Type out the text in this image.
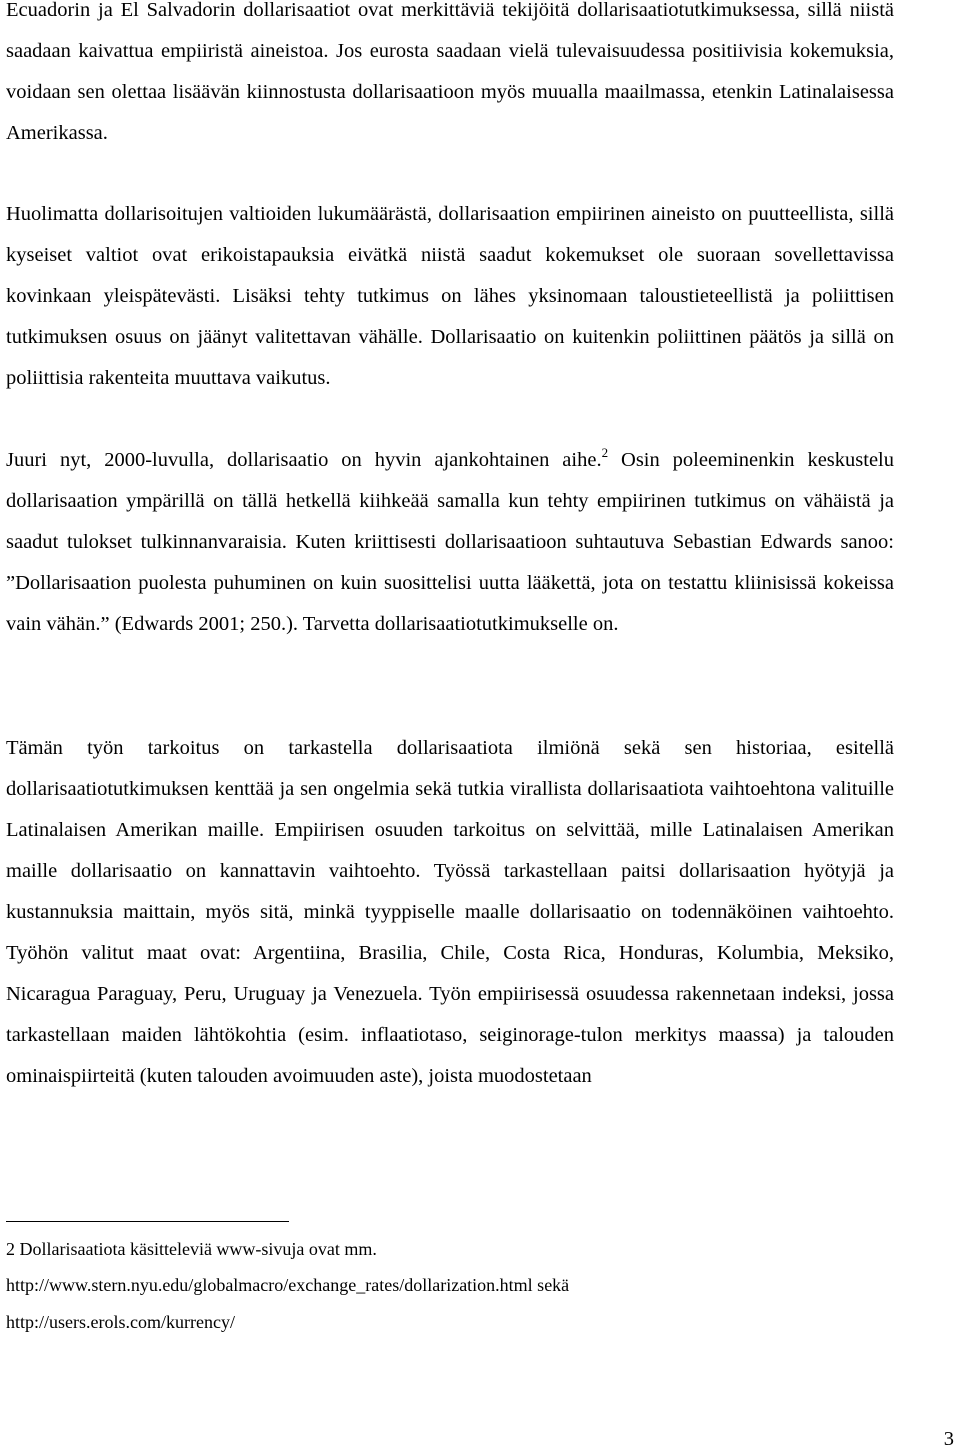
Ecuadorin ja El Salvadorin dollarisaatiot ovat merkittäviä tekijöitä dollarisaatiotutkimuksessa, sillä niistä saadaan kaivattua empiiristä aineistoa. Jos eurosta saadaan vielä tulevaisuudessa positiivisia kokemuksia, voidaan sen olettaa lisäävän kiinnostusta dollarisaatioon myös muualla maailmassa, etenkin Latinalaisessa Amerikassa.

Huolimatta dollarisoitujen valtioiden lukumäärästä, dollarisaation empiirinen aineisto on puutteellista, sillä kyseiset valtiot ovat erikoistapauksia eivätkä niistä saadut kokemukset ole suoraan sovellettavissa kovinkaan yleispätevästi. Lisäksi tehty tutkimus on lähes yksinomaan taloustieteellistä ja poliittisen tutkimuksen osuus on jäänyt valitettavan vähälle. Dollarisaatio on kuitenkin poliittinen päätös ja sillä on poliittisia rakenteita muuttava vaikutus.

Juuri nyt, 2000-luvulla, dollarisaatio on hyvin ajankohtainen aihe.$^2$ Osin poleeminenkin keskustelu dollarisaation ympärillä on tällä hetkellä kiihkeää samalla kun tehty empiirinen tutkimus on vähäistä ja saadut tulokset tulkinnanvaraisia. Kuten kriittisesti dollarisaatioon suhtautuva Sebastian Edwards sanoo: ”Dollarisaation puolesta puhuminen on kuin suosittelisi uutta lääkettä, jota on testattu kliinisissä kokeissa vain vähän.” (Edwards 2001; 250.). Tarvetta dollarisaatiotutkimukselle on.

Tämän työn tarkoitus on tarkastella dollarisaatiota ilmiönä sekä sen historiaa, esitellä dollarisaatiotutkimuksen kenttää ja sen ongelmia sekä tutkia virallista dollarisaatiota vaihtoehtona valituille Latinalaisen Amerikan maille. Empiirisen osuuden tarkoitus on selvittää, mille Latinalaisen Amerikan maille dollarisaatio on kannattavin vaihtoehto. Työssä tarkastellaan paitsi dollarisaation hyötyjä ja kustannuksia maittain, myös sitä, minkä tyyppiselle maalle dollarisaatio on todennäköinen vaihtoehto. Työhön valitut maat ovat: Argentiina, Brasilia, Chile, Costa Rica, Honduras, Kolumbia, Meksiko, Nicaragua Paraguay, Peru, Uruguay ja Venezuela. Työn empiirisessä osuudessa rakennetaan indeksi, jossa tarkastellaan maiden lähtökohtia (esim. inflaatiotaso, seiginorage-tulon merkitys maassa) ja talouden ominaispiirteitä (kuten talouden avoimuuden aste), joista muodostetaan

2 Dollarisaatiota käsitteleviä www-sivuja ovat mm.

http://www.stern.nyu.edu/globalmacro/exchange_rates/dollarization.html sekä

http://users.erols.com/kurrency/

3
